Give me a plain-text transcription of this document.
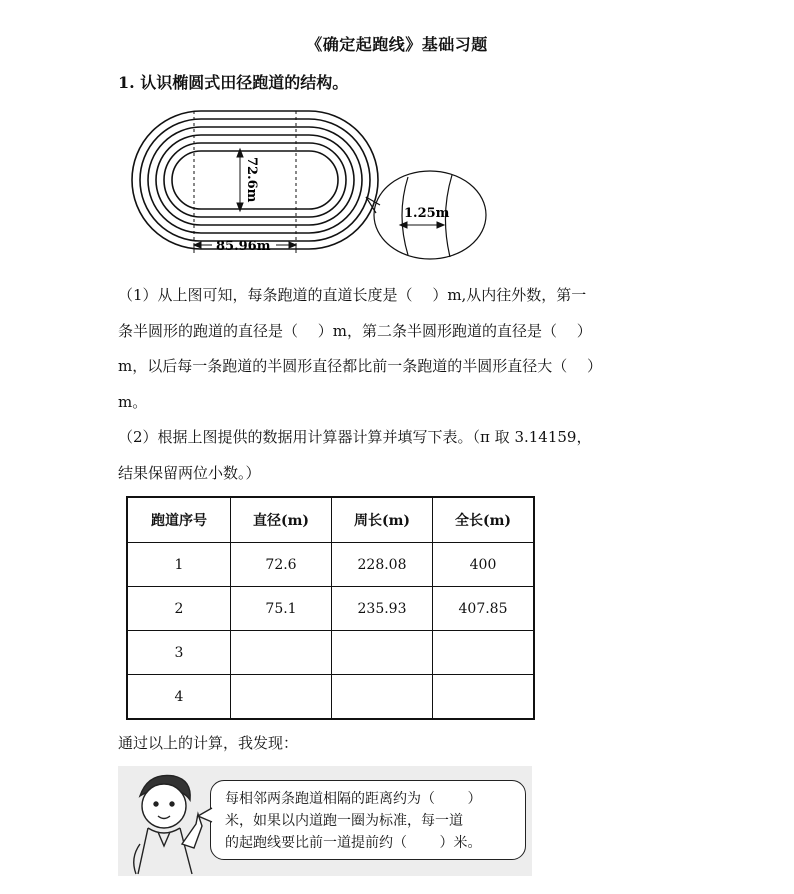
《确定起跑线》基础习题
1. 认识椭圆式田径跑道的结构。
72.6m
85.96m
1.25m
（1）从上图可知，每条跑道的直道长度是（　 ）m,从内往外数，第一
条半圆形的跑道的直径是（　 ）m，第二条半圆形跑道的直径是（　 ）
m，以后每一条跑道的半圆形直径都比前一条跑道的半圆形直径大（　 ）
m。
（2）根据上图提供的数据用计算器计算并填写下表。（π 取 3.14159，
结果保留两位小数。）
跑道序号	直径(m)	周长(m)	全长(m)
1	72.6	228.08	400
2	75.1	235.93	407.85
3			
4			
通过以上的计算，我发现：
每相邻两条跑道相隔的距离约为（　　 ）
米，如果以内道跑一圈为标准，每一道
的起跑线要比前一道提前约（　　 ）米。
